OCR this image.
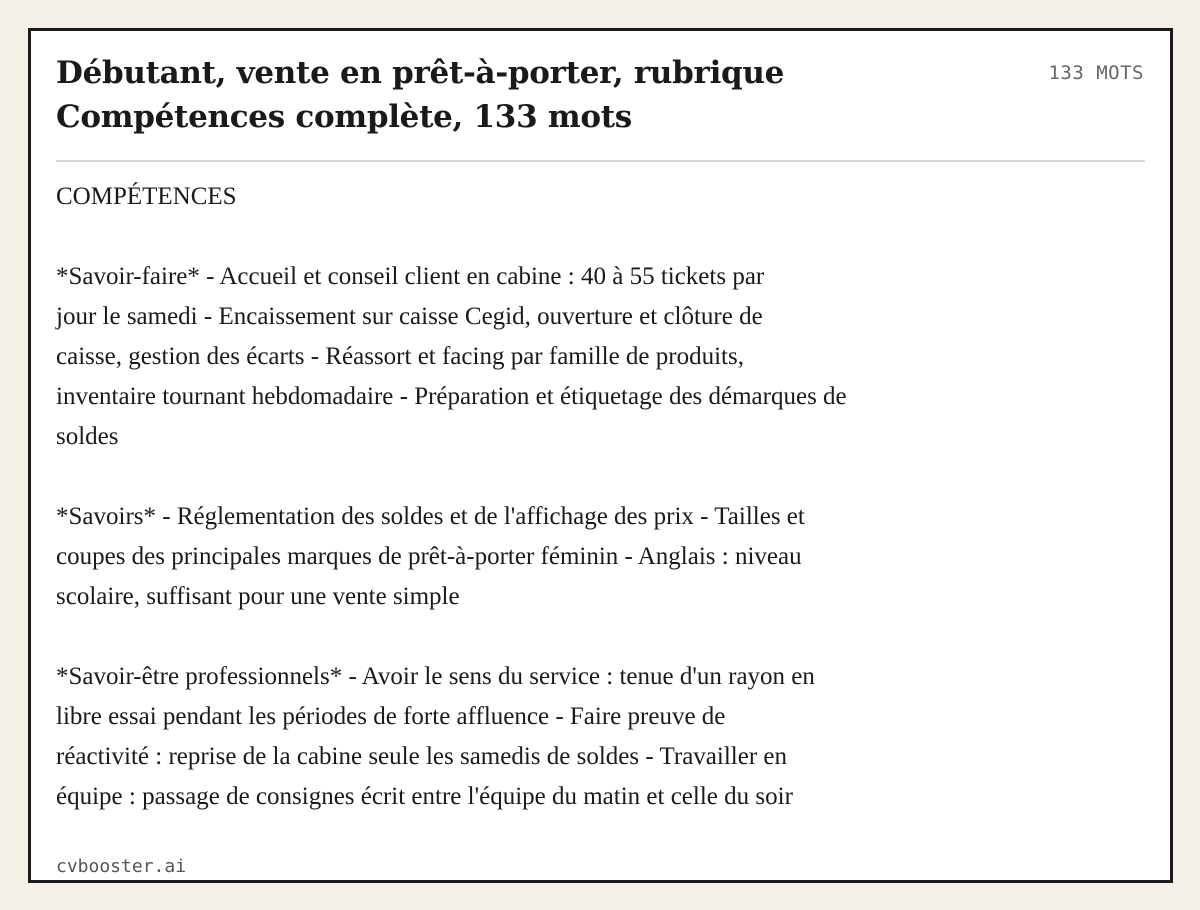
Débutant, vente en prêt-à-porter, rubrique Compétences complète, 133 mots
133 MOTS
COMPÉTENCES
*Savoir-faire* - Accueil et conseil client en cabine : 40 à 55 tickets par
jour le samedi - Encaissement sur caisse Cegid, ouverture et clôture de
caisse, gestion des écarts - Réassort et facing par famille de produits,
inventaire tournant hebdomadaire - Préparation et étiquetage des démarques de
soldes
*Savoirs* - Réglementation des soldes et de l'affichage des prix - Tailles et
coupes des principales marques de prêt-à-porter féminin - Anglais : niveau
scolaire, suffisant pour une vente simple
*Savoir-être professionnels* - Avoir le sens du service : tenue d'un rayon en
libre essai pendant les périodes de forte affluence - Faire preuve de
réactivité : reprise de la cabine seule les samedis de soldes - Travailler en
équipe : passage de consignes écrit entre l'équipe du matin et celle du soir
cvbooster.ai
